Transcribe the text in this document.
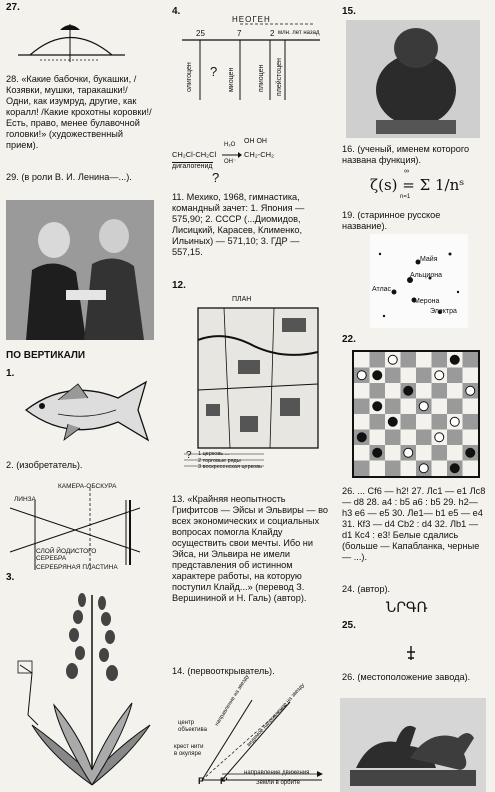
27.
28. «Какие бабочки, букашки, /Козявки, мушки, таракашки!/ Одни, как изумруд, другие, как коралл! /Какие крохотны коровки!/ Есть, право, менее булавочной головки!» (художественный прием).
29. (в роли В. И. Ленина—...).
ПО ВЕРТИКАЛИ
1.
2. (изобретатель).
КАМЕРА-ОБСКУРА
ЛИНЗА
СЛОЙ ЙОДИСТОГО СЕРЕБРА
СЕРЕБРЯНАЯ ПЛАСТИНА
3.
4.
НЕОГЕН
25	7	2 млн. лет назад
олигоцен	миоцен	плиоцен плейстоцен
?
CH₂Cl-CH₂Cl
H₂O
OH⁻
OH OH
CH₂-CH₂
дигалогенид
?
11. Мехико, 1968, гимнастика, командный зачет: 1. Япония — 575,90; 2. СССР (...Диомидов, Лисицкий, Карасев, Клименко, Ильиных) — 571,10; 3. ГДР — 557,15.
12.
ПЛАН
? 1 церковь ...
2 торговые ряды
3 воскресенская церковь
13. «Крайняя неопытность Грифитсов — Эйсы и Эльвиры — во всех экономических и социальных вопросах помогла Клайду осуществить свои мечты. Ибо ни Эйса, ни Эльвира не имели представления об истинном характере работы, на которую поступил Клайд...» (перевод З. Вершининой и Н. Галь) (автор).
14. (первооткрыватель).
центр объектива
крест нити в окуляре
направление движения
Земли в орбите
F F'
направление на звезду
видимое направление на звезду
15.
16. (ученый, именем которого названа функция).
ζ(s) = Σ 1/nˢ
∞
n=1
19. (старинное русское название).
Майя
Альциона
Атлас
Мерона
Электра
22.
26. ... Сf6 — h2! 27. Лс1 — е1 Лс8 — d8 28. а4 : b5 а6 : b5 29. h2—h3 е6 — е5 30. Ле1— b1 е5 — е4 31. Кf3 — d4 Сb2 : d4 32. Лb1 — d1 Кс4 : е3! Белые сдались (больше — Капабланка, черные — ...).
24. (автор).
ՆՐԳՌ
25.
26. (местоположение завода).
